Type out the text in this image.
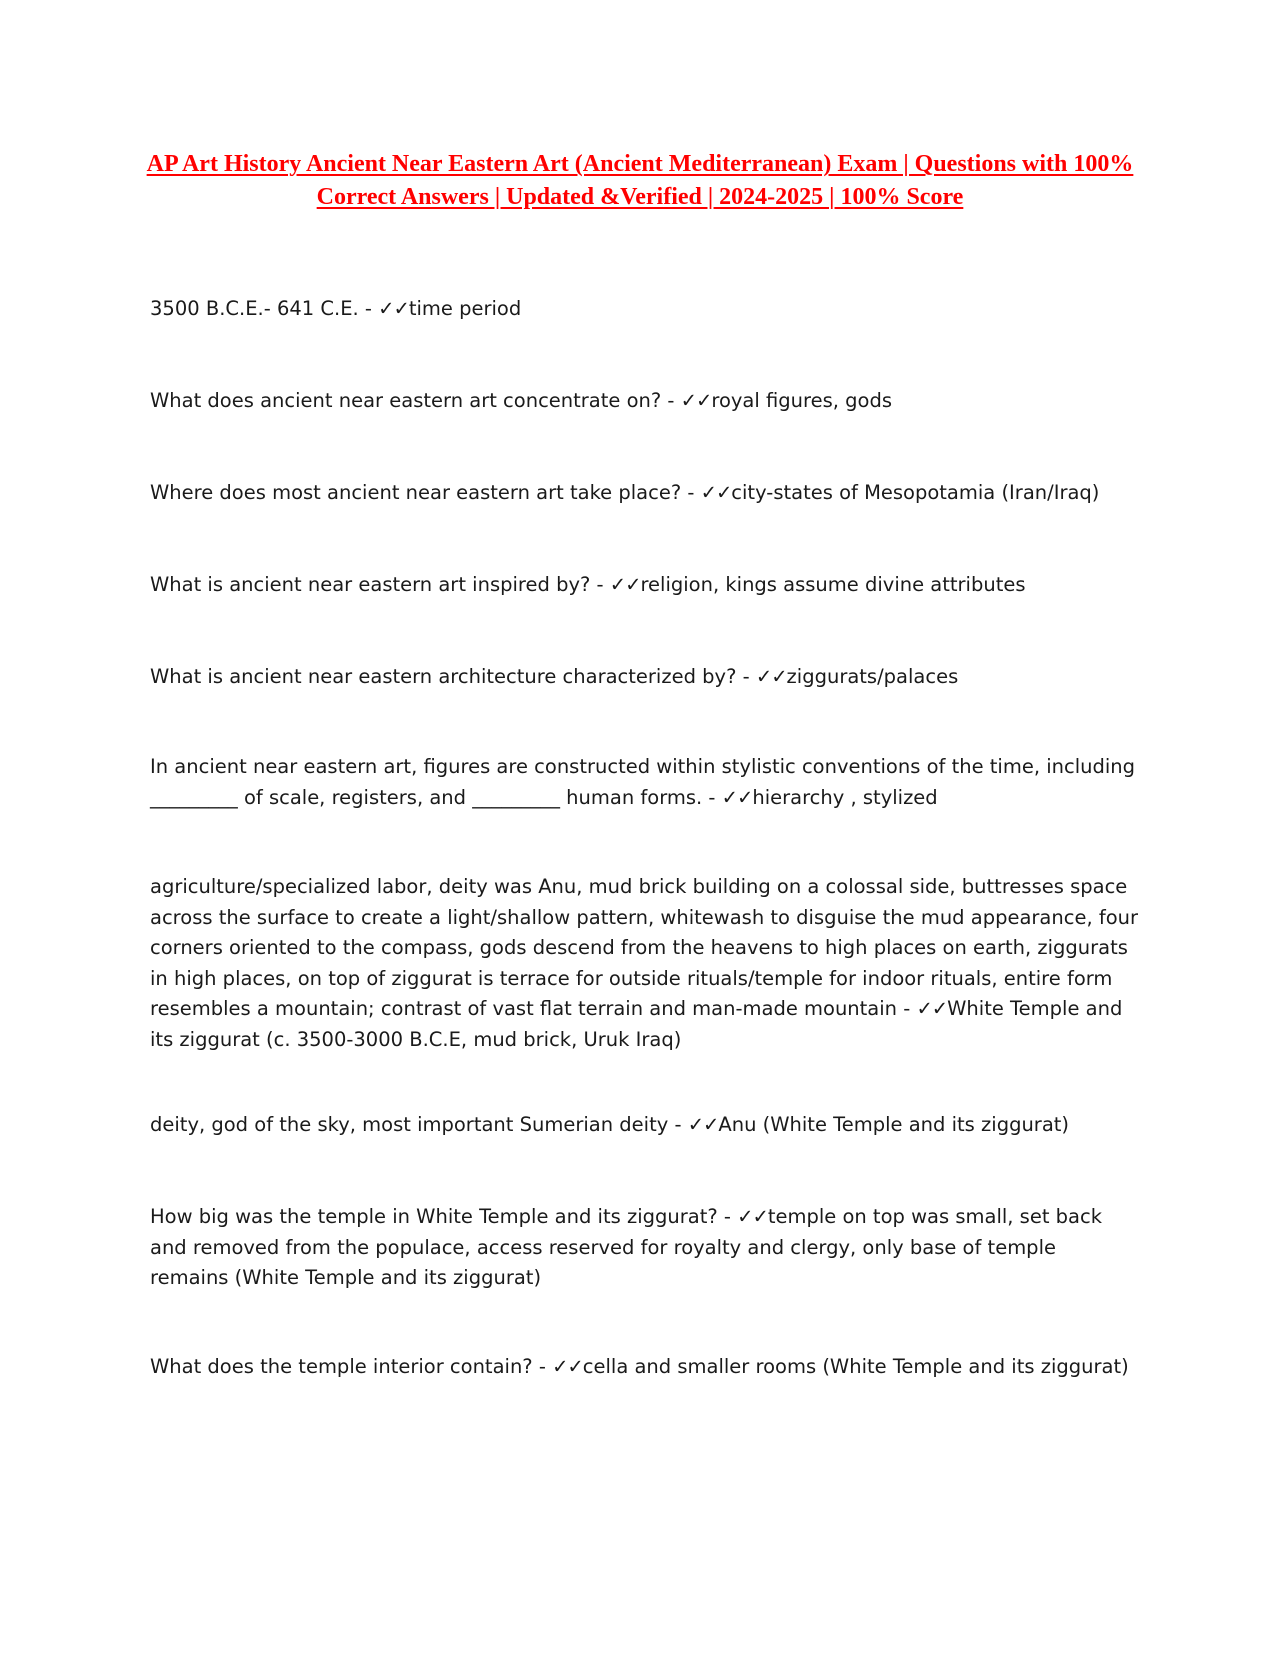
AP Art History Ancient Near Eastern Art (Ancient Mediterranean) Exam | Questions with 100% Correct Answers | Updated &Verified | 2024-2025 | 100% Score
3500 B.C.E.- 641 C.E. - ✓✓time period
What does ancient near eastern art concentrate on? - ✓✓royal figures, gods
Where does most ancient near eastern art take place? - ✓✓city-states of Mesopotamia (Iran/Iraq)
What is ancient near eastern art inspired by? - ✓✓religion, kings assume divine attributes
What is ancient near eastern architecture characterized by? - ✓✓ziggurats/palaces
In ancient near eastern art, figures are constructed within stylistic conventions of the time, including _________ of scale, registers, and _________ human forms. - ✓✓hierarchy , stylized
agriculture/specialized labor, deity was Anu, mud brick building on a colossal side, buttresses space across the surface to create a light/shallow pattern, whitewash to disguise the mud appearance, four corners oriented to the compass, gods descend from the heavens to high places on earth, ziggurats in high places, on top of ziggurat is terrace for outside rituals/temple for indoor rituals, entire form resembles a mountain; contrast of vast flat terrain and man-made mountain - ✓✓White Temple and its ziggurat (c. 3500-3000 B.C.E, mud brick, Uruk Iraq)
deity, god of the sky, most important Sumerian deity - ✓✓Anu (White Temple and its ziggurat)
How big was the temple in White Temple and its ziggurat? - ✓✓temple on top was small, set back and removed from the populace, access reserved for royalty and clergy, only base of temple remains (White Temple and its ziggurat)
What does the temple interior contain? - ✓✓cella and smaller rooms (White Temple and its ziggurat)
